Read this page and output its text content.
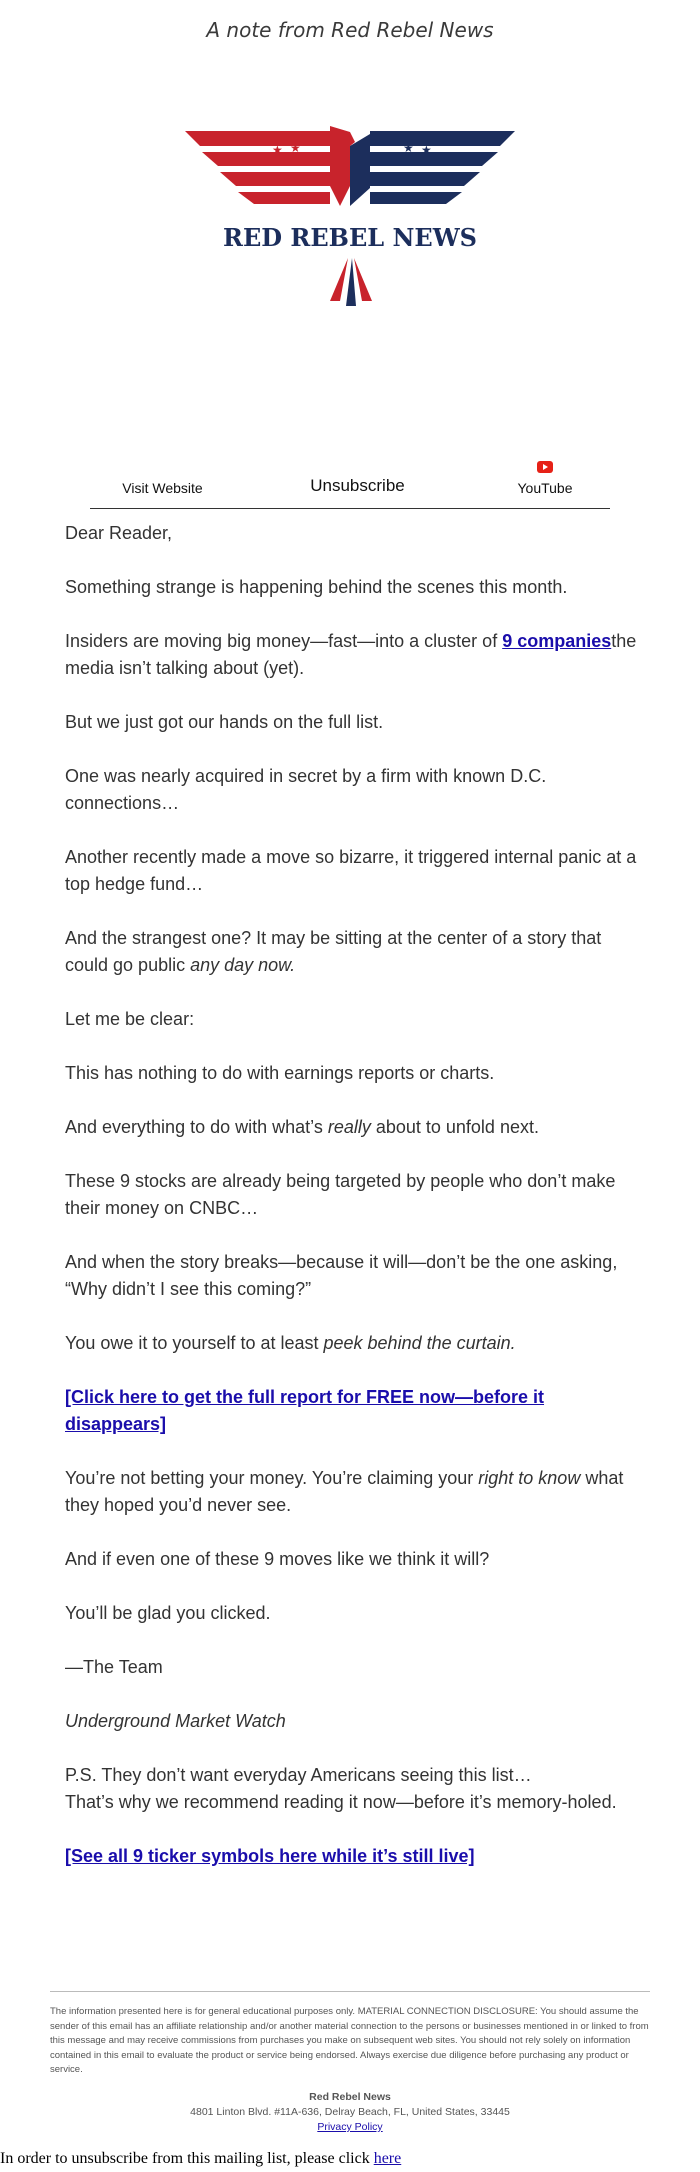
A note from Red Rebel News
★ ★	★ ★
RED REBEL NEWS
Visit Website	Unsubscribe	YouTube

Dear Reader,

Something strange is happening behind the scenes this month.

Insiders are moving big money—fast—into a cluster of 9 companiesthe media isn’t talking about (yet).

But we just got our hands on the full list.

One was nearly acquired in secret by a firm with known D.C. connections…

Another recently made a move so bizarre, it triggered internal panic at a top hedge fund…

And the strangest one? It may be sitting at the center of a story that could go public any day now.

Let me be clear:

This has nothing to do with earnings reports or charts.

And everything to do with what’s really about to unfold next.

These 9 stocks are already being targeted by people who don’t make their money on CNBC…

And when the story breaks—because it will—don’t be the one asking, “Why didn’t I see this coming?”

You owe it to yourself to at least peek behind the curtain.

[Click here to get the full report for FREE now—before it disappears]

You’re not betting your money. You’re claiming your right to know what they hoped you’d never see.

And if even one of these 9 moves like we think it will?

You’ll be glad you clicked.

—The Team

Underground Market Watch

P.S. They don’t want everyday Americans seeing this list…
That’s why we recommend reading it now—before it’s memory-holed.

[See all 9 ticker symbols here while it’s still live]

The information presented here is for general educational purposes only. MATERIAL CONNECTION DISCLOSURE: You should assume the sender of this email has an affiliate relationship and/or another material connection to the persons or businesses mentioned in or linked to from this message and may receive commissions from purchases you make on subsequent web sites. You should not rely solely on information contained in this email to evaluate the product or service being endorsed. Always exercise due diligence before purchasing any product or service.
Red Rebel News
4801 Linton Blvd. #11A-636, Delray Beach, FL, United States, 33445
Privacy Policy
In order to unsubscribe from this mailing list, please click here
